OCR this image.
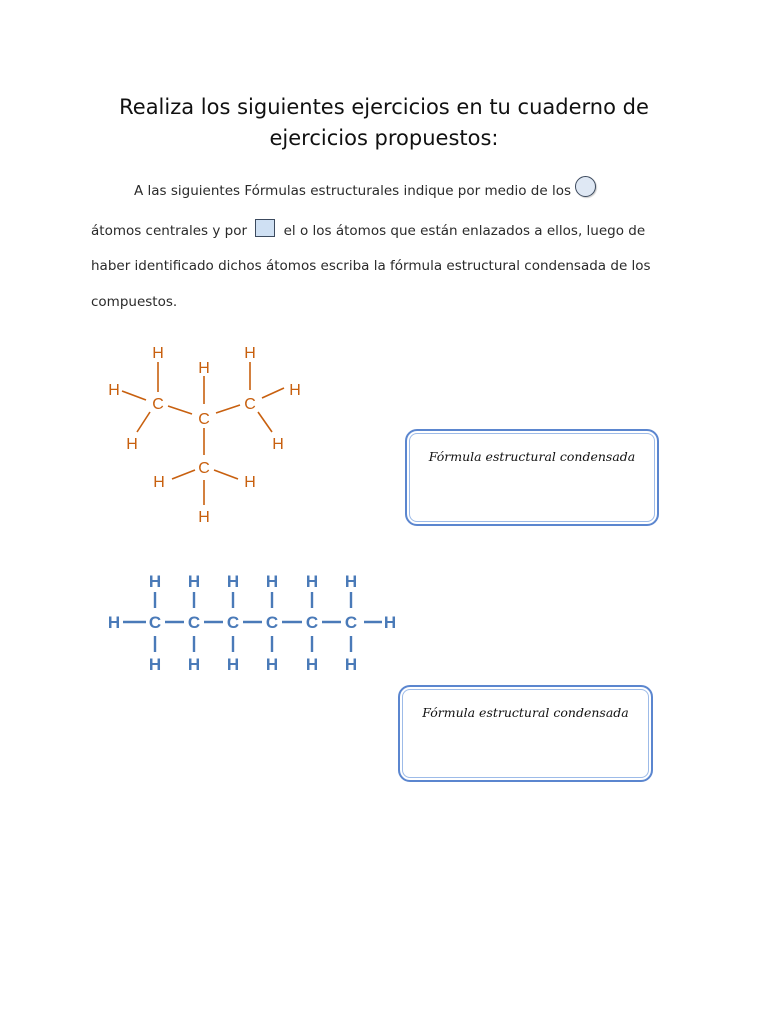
Realiza los siguientes ejercicios en tu cuaderno de
ejercicios propuestos:
A las siguientes Fórmulas estructurales indique por medio de los
átomos centrales y por	el o los átomos que están enlazados a ellos, luego de
haber identificado dichos átomos escriba la fórmula estructural condensada de los
compuestos.
H
H
H
H	H
C
C
C
H	H
C
H	H
H
Fórmula estructural condensada
H	H
H
C
H
H
C
H
H
C
H
H
C
H
H
C
H
H
C
H
Fórmula estructural condensada
